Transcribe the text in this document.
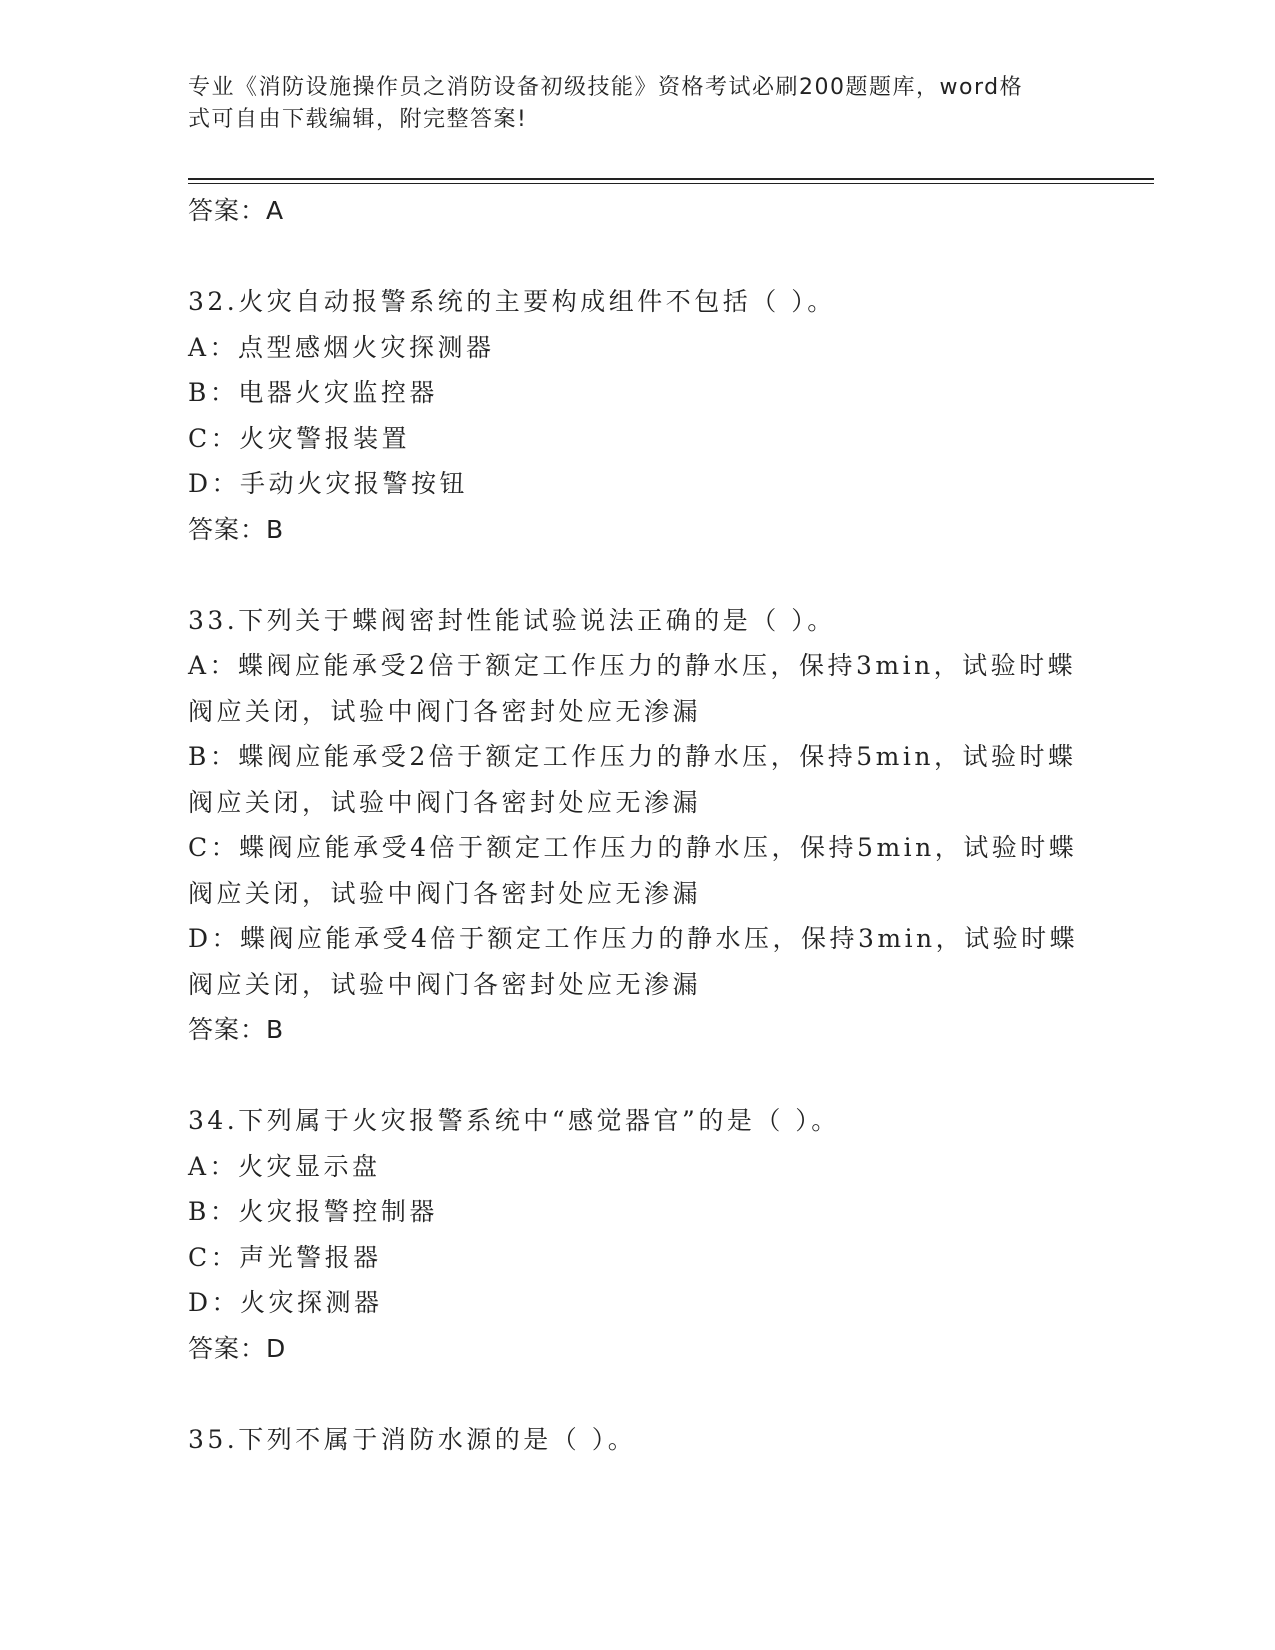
专业《消防设施操作员之消防设备初级技能》资格考试必刷200题题库，word格
式可自由下载编辑，附完整答案!
答案：A
32.火灾自动报警系统的主要构成组件不包括（ ）。
A：点型感烟火灾探测器
B：电器火灾监控器
C：火灾警报装置
D：手动火灾报警按钮
答案：B
33.下列关于蝶阀密封性能试验说法正确的是（ ）。
A：蝶阀应能承受2倍于额定工作压力的静水压，保持3min，试验时蝶
阀应关闭，试验中阀门各密封处应无渗漏
B：蝶阀应能承受2倍于额定工作压力的静水压，保持5min，试验时蝶
阀应关闭，试验中阀门各密封处应无渗漏
C：蝶阀应能承受4倍于额定工作压力的静水压，保持5min，试验时蝶
阀应关闭，试验中阀门各密封处应无渗漏
D：蝶阀应能承受4倍于额定工作压力的静水压，保持3min，试验时蝶
阀应关闭，试验中阀门各密封处应无渗漏
答案：B
34.下列属于火灾报警系统中“感觉器官”的是（ ）。
A：火灾显示盘
B：火灾报警控制器
C：声光警报器
D：火灾探测器
答案：D
35.下列不属于消防水源的是（ ）。
